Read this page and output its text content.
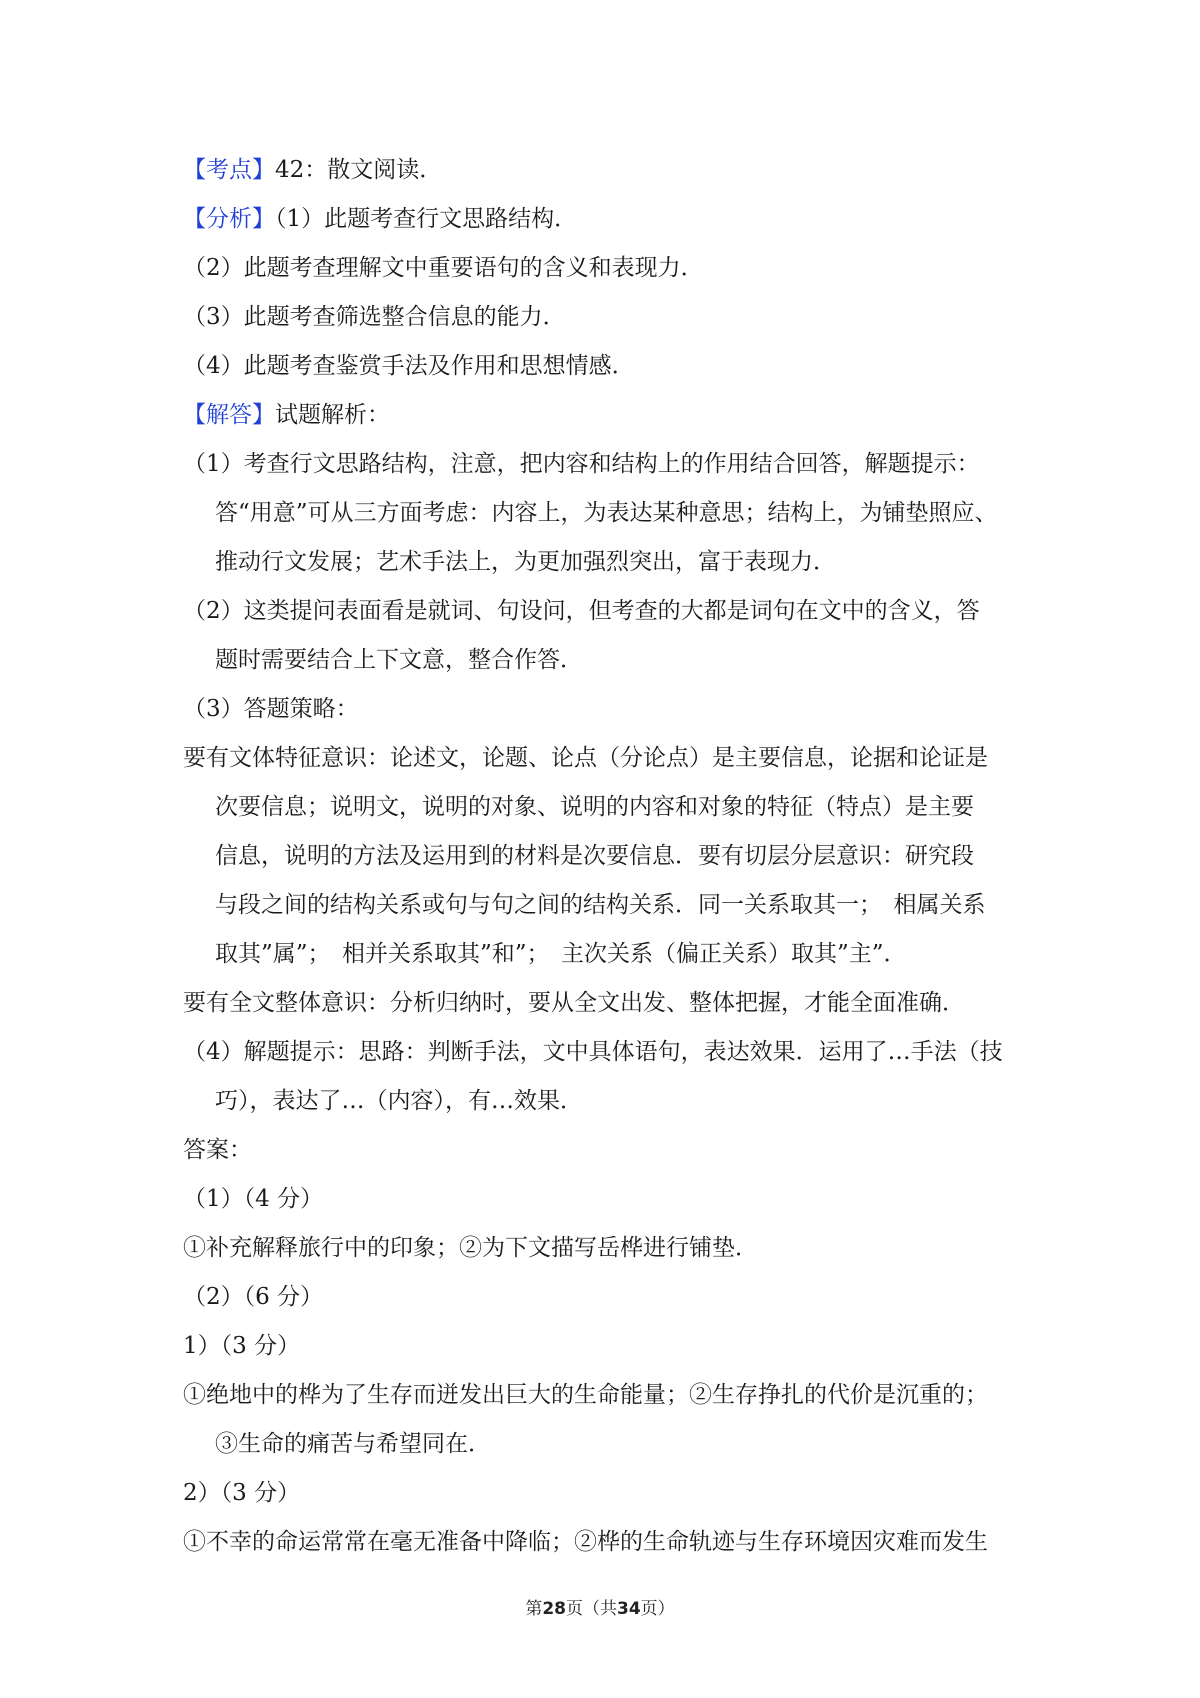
【考点】42：散文阅读．
【分析】（1）此题考查行文思路结构．
（2）此题考查理解文中重要语句的含义和表现力．
（3）此题考查筛选整合信息的能力．
（4）此题考查鉴赏手法及作用和思想情感．
【解答】试题解析：
（1）考查行文思路结构，注意，把内容和结构上的作用结合回答，解题提示：
答“用意”可从三方面考虑：内容上，为表达某种意思；结构上，为铺垫照应、
推动行文发展；艺术手法上，为更加强烈突出，富于表现力．
（2）这类提问表面看是就词、句设问，但考查的大都是词句在文中的含义，答
题时需要结合上下文意，整合作答．
（3）答题策略：
要有文体特征意识：论述文，论题、论点（分论点）是主要信息，论据和论证是
次要信息；说明文，说明的对象、说明的内容和对象的特征（特点）是主要
信息，说明的方法及运用到的材料是次要信息．要有切层分层意识：研究段
与段之间的结构关系或句与句之间的结构关系．同一关系取其一；　相属关系
取其”属”；　相并关系取其”和”；　主次关系（偏正关系）取其”主”．
要有全文整体意识：分析归纳时，要从全文出发、整体把握，才能全面准确．
（4）解题提示：思路：判断手法，文中具体语句，表达效果．运用了…手法（技
巧），表达了…（内容），有…效果．
答案：
（1）（4 分）
①补充解释旅行中的印象；②为下文描写岳桦进行铺垫．
（2）（6 分）
1）（3 分）
①绝地中的桦为了生存而迸发出巨大的生命能量；②生存挣扎的代价是沉重的；
③生命的痛苦与希望同在．
2）（3 分）
①不幸的命运常常在毫无准备中降临；②桦的生命轨迹与生存环境因灾难而发生
第28页（共34页）
